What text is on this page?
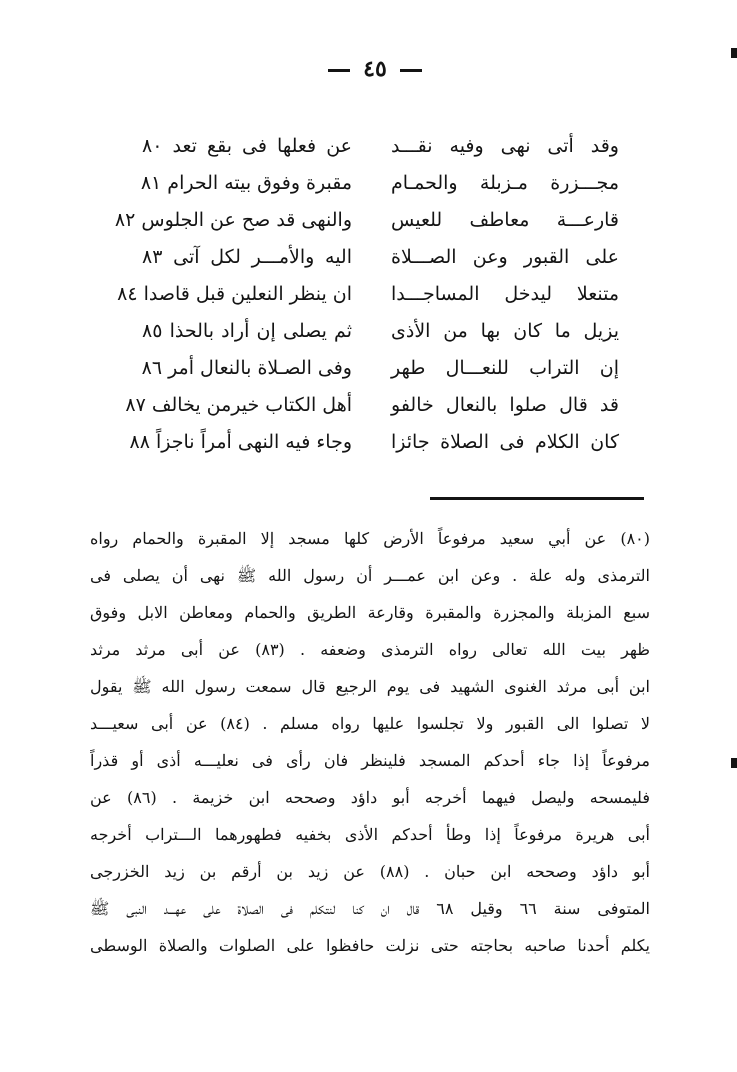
٤٥
وقد أتى نهى وفيه نقـــد
عن فعلها فى بقع تعد ٨٠
مجـــزرة مـزبلة والحمـام
مقبرة وفوق بيته الحرام ٨١
قارعـــة معاطف للعيس
والنهى قد صح عن الجلوس ٨٢
على القبور وعن الصـــلاة
اليه والأمـــر لكل آتى ٨٣
متنعلا ليدخل المساجـــدا
ان ينظر النعلين قبل قاصدا ٨٤
يزيل ما كان بها من الأذى
ثم يصلى إن أراد بالحذا ٨٥
إن التراب للنعـــال طهر
وفى الصـلاة بالنعال أمر ٨٦
قد قال صلوا بالنعال خالفو
أهل الكتاب خيرمن يخالف ٨٧
كان الكلام فى الصلاة جائزا
وجاء فيه النهى أمراً ناجزاً ٨٨
(٨٠) عن أبي سعيد مرفوعاً الأرض كلها مسجد إلا المقبرة والحمام رواه
الترمذى وله علة . وعن ابن عمـــر أن رسول الله ﷺ نهى أن يصلى فى
سبع المزبلة والمجزرة والمقبرة وقارعة الطريق والحمام ومعاطن الابل وفوق
ظهر بيت الله تعالى رواه الترمذى وضعفه . (٨٣) عن أبى مرثد مرثد
ابن أبى مرثد الغنوى الشهيد فى يوم الرجيع قال سمعت رسول الله ﷺ يقول
لا تصلوا الى القبور ولا تجلسوا عليها رواه مسلم . (٨٤) عن أبى سعيـــد
مرفوعاً إذا جاء أحدكم المسجد فلينظر فان رأى فى نعليـــه أذى أو قذراً
فليمسحه وليصل فيهما أخرجه أبو داؤد وصححه ابن خزيمة . (٨٦) عن
أبى هريرة مرفوعاً إذا وطأ أحدكم الأذى بخفيه فطهورهما الـــتراب أخرجه
أبو داؤد وصححه ابن حبان . (٨٨) عن زيد بن أرقم بن زيد الخزرجى
المتوفى سنة ٦٦ وقيل ٦٨ قال ان كنا لنتكلم فى الصلاة على عهـــد النبى ﷺ
يكلم أحدنا صاحبه بحاجته حتى نزلت حافظوا على الصلوات والصلاة الوسطى
